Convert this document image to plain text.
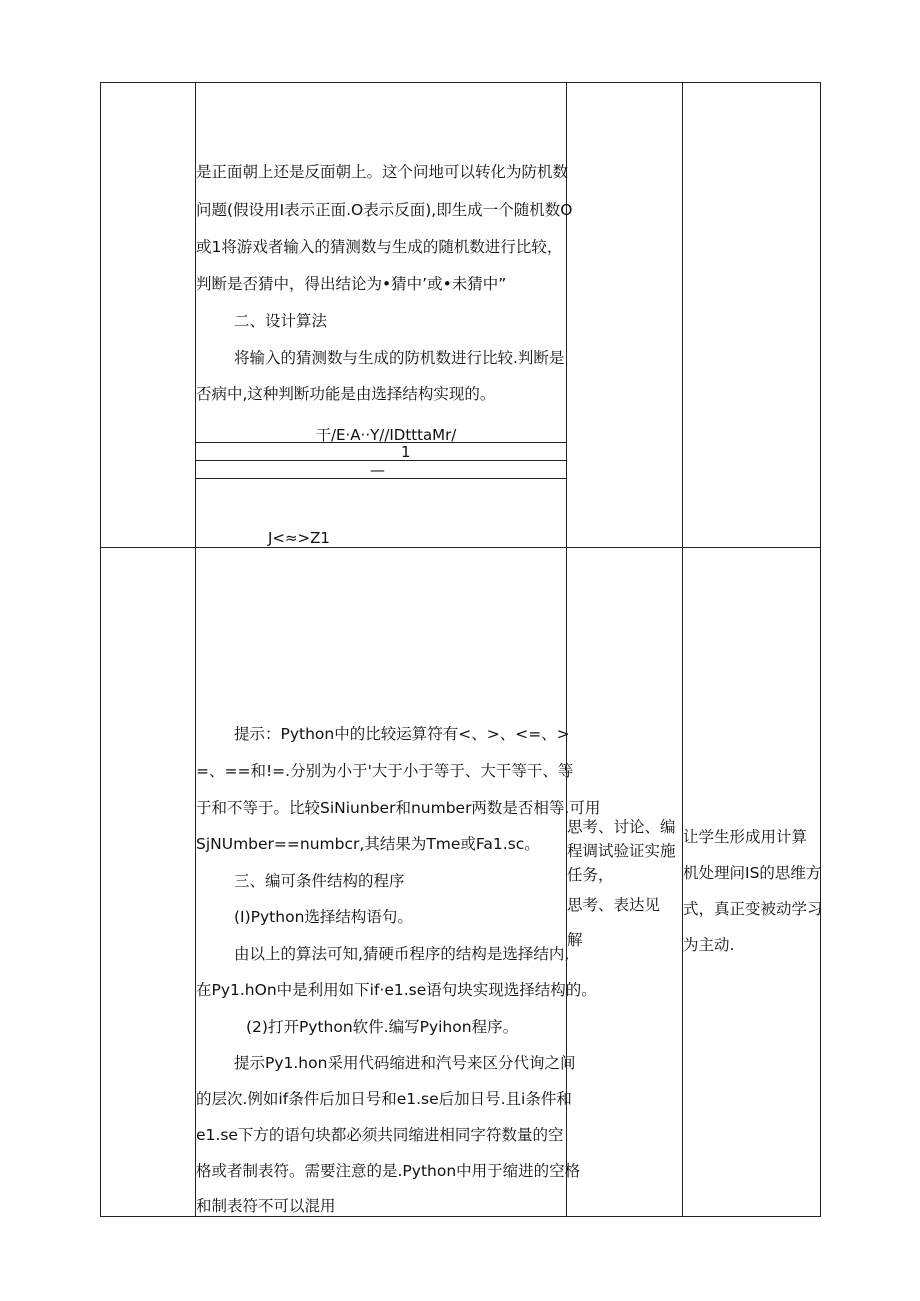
是正面朝上还是反面朝上。这个问地可以转化为防机数
问题(假设用I表示正面.O表示反面),即生成一个随机数O
或1将游戏者输入的猜测数与生成的随机数进行比较，
判断是否猜中，得出结论为•猜中’或•未猜中”
二、设计算法
将输入的猜测数与生成的防机数进行比较.判断是
否病中,这种判断功能是由选择结构实现的。
干/E·A··Y//IDtttaMr/
1
—
J<≈>Z1
提示：Python中的比较运算符有<、>、<=、>
=、==和!=.分别为小于'大于小于等于、大干等干、等
于和不等于。比较SiNiunber和number两数是否相等.可用
SjNUmber==numbcr,其结果为Tme或Fa1.sc。
三、编可条件结构的程序
(I)Python选择结构语句。
由以上的算法可知,猜硬币程序的结构是选择结内,
在Py1.hOn中是利用如下if·e1.se语句块实现选择结构的。
(2)打开Python软件.编写Pyihon程序。
提示Py1.hon采用代码缩进和汽号来区分代询之间
的层次.例如if条件后加日号和e1.se后加日号.且i条件和
e1.se下方的语句块都必须共同缩进相同字符数量的空
格或者制表符。需要注意的是.Python中用于缩进的空格
和制表符不可以混用
思考、讨论、编
程调试验证实施
任务，
思考、表达见
解
让学生形成用计算
机处理问IS的思维方
式，真正变被动学习
为主动.
